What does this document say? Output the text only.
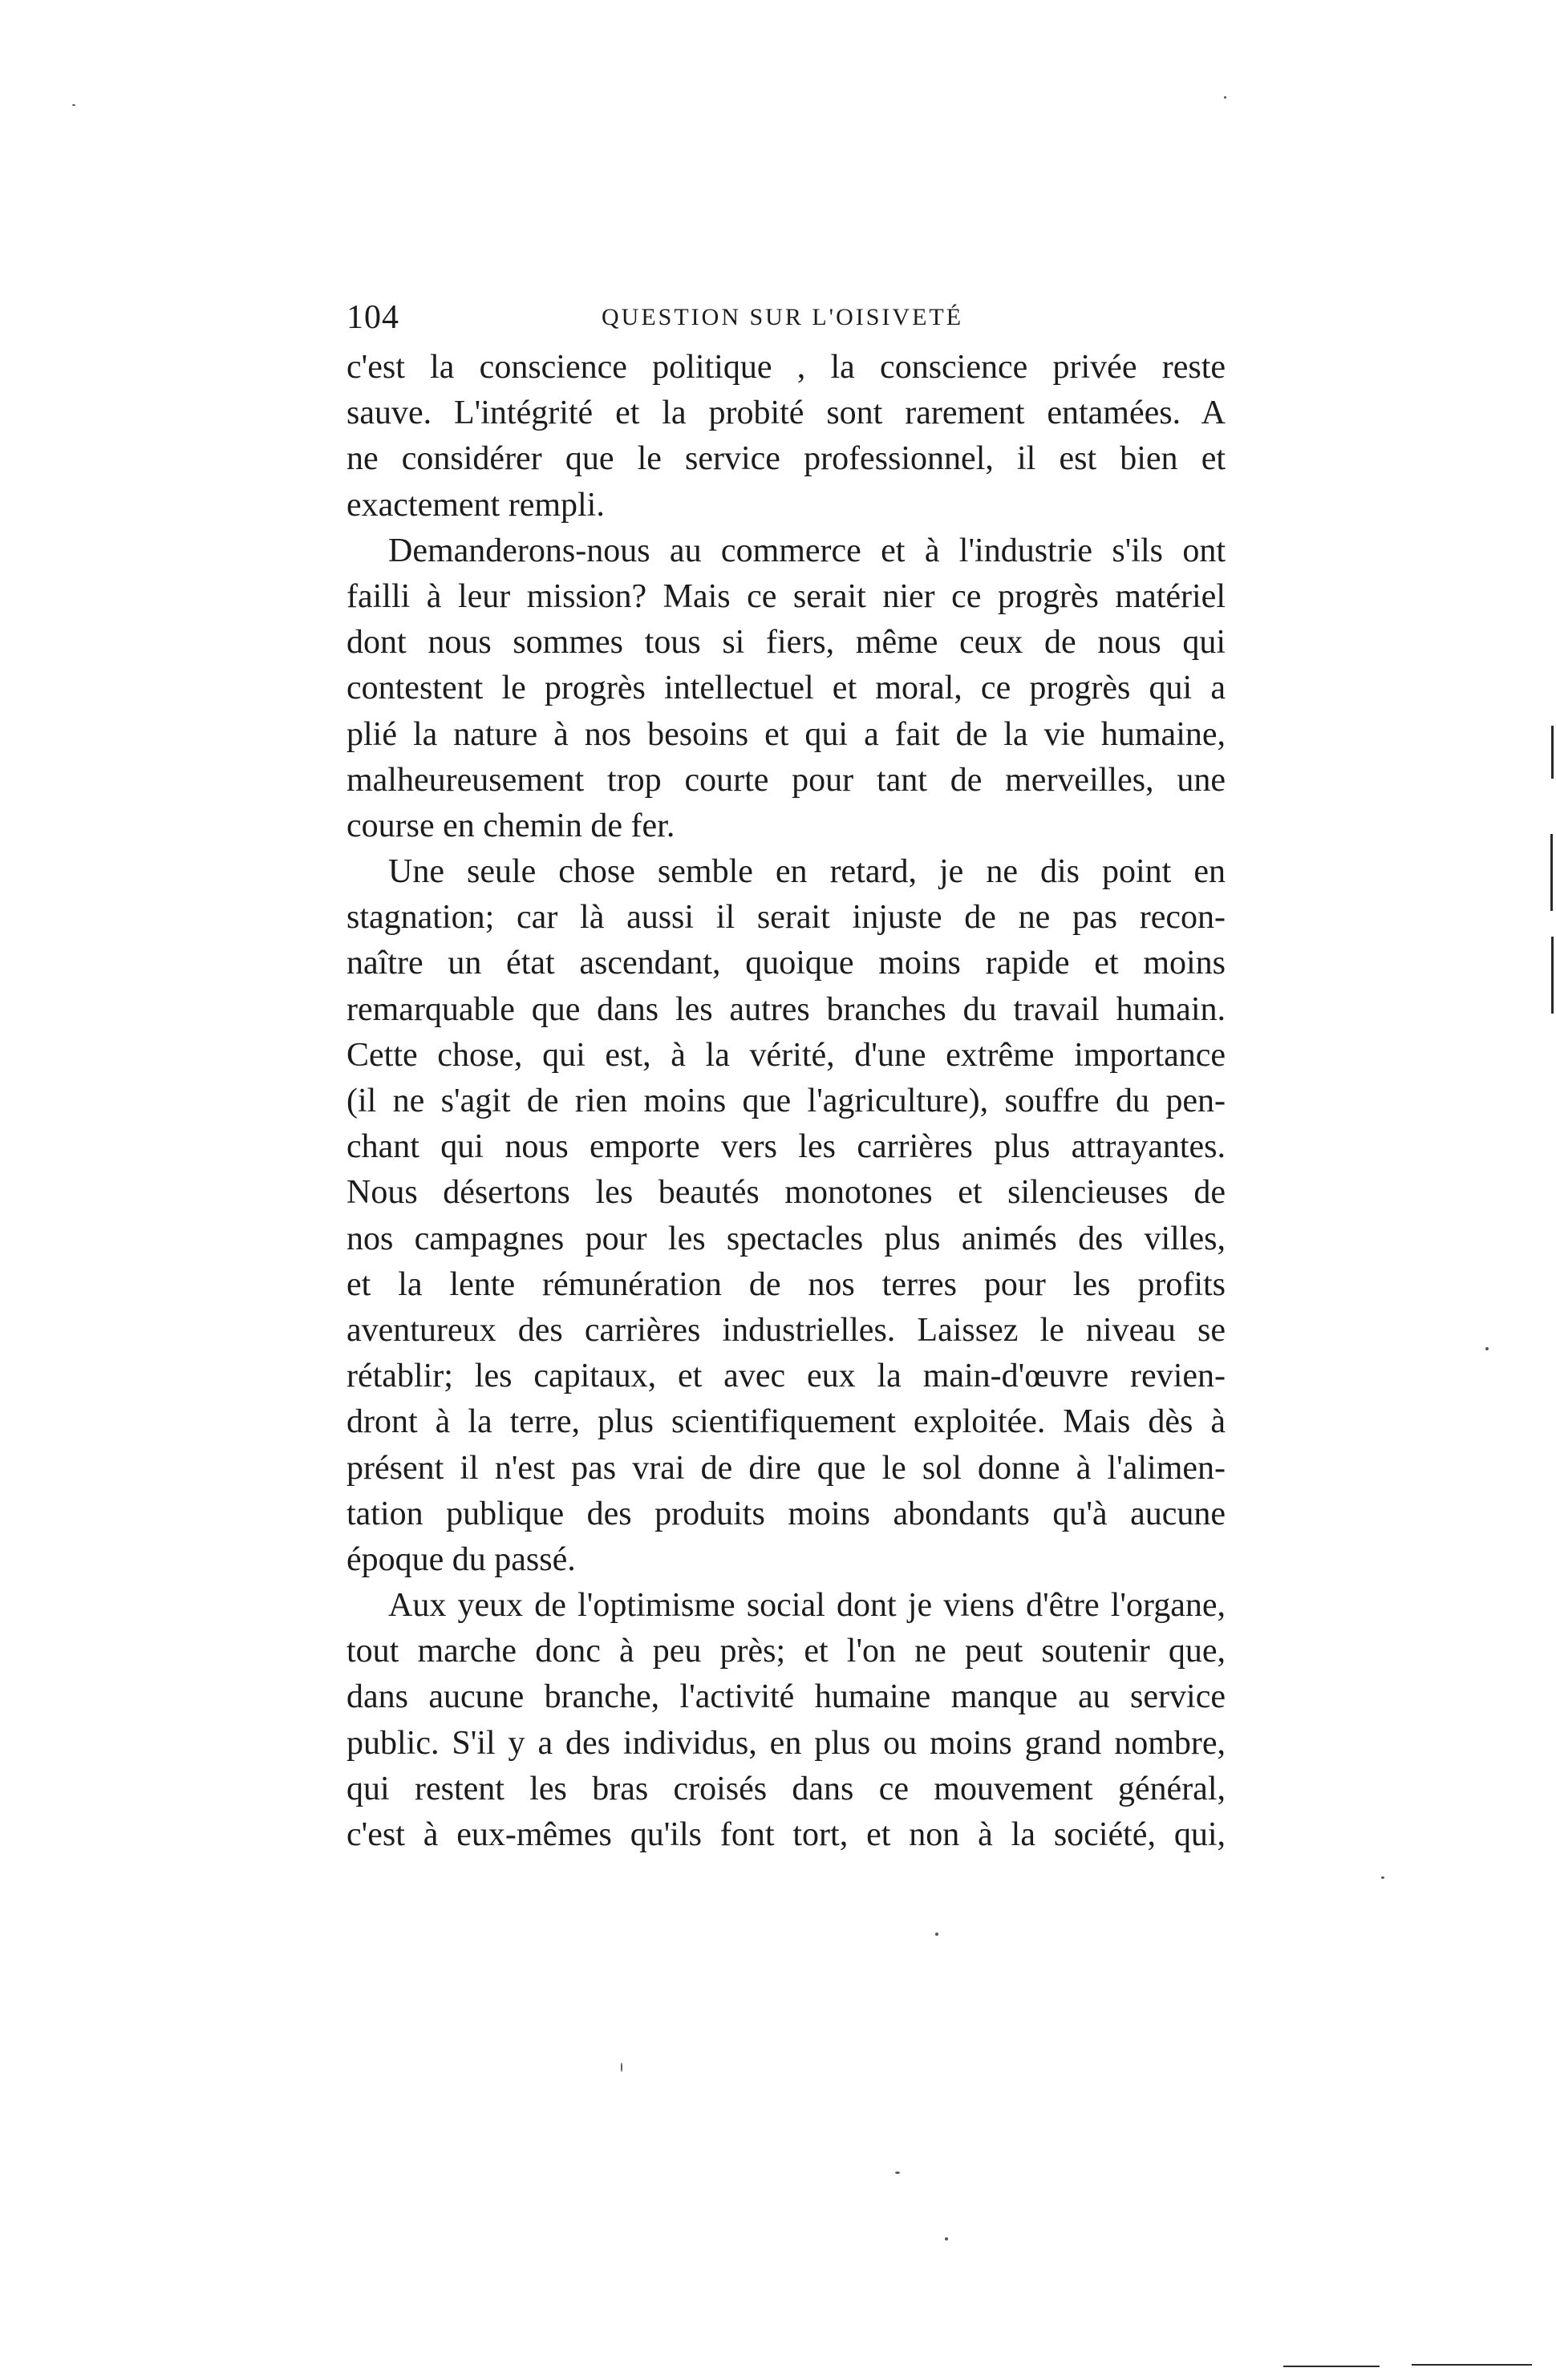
104	QUESTION SUR L'OISIVETÉ
c'est la conscience politique , la conscience privée reste
sauve. L'intégrité et la probité sont rarement entamées. A
ne considérer que le service professionnel, il est bien et
exactement rempli.
Demanderons-nous au commerce et à l'industrie s'ils ont
failli à leur mission? Mais ce serait nier ce progrès matériel
dont nous sommes tous si fiers, même ceux de nous qui
contestent le progrès intellectuel et moral, ce progrès qui a
plié la nature à nos besoins et qui a fait de la vie humaine,
malheureusement trop courte pour tant de merveilles, une
course en chemin de fer.
Une seule chose semble en retard, je ne dis point en
stagnation; car là aussi il serait injuste de ne pas recon-
naître un état ascendant, quoique moins rapide et moins
remarquable que dans les autres branches du travail humain.
Cette chose, qui est, à la vérité, d'une extrême importance
(il ne s'agit de rien moins que l'agriculture), souffre du pen-
chant qui nous emporte vers les carrières plus attrayantes.
Nous désertons les beautés monotones et silencieuses de
nos campagnes pour les spectacles plus animés des villes,
et la lente rémunération de nos terres pour les profits
aventureux des carrières industrielles. Laissez le niveau se
rétablir; les capitaux, et avec eux la main-d'œuvre revien-
dront à la terre, plus scientifiquement exploitée. Mais dès à
présent il n'est pas vrai de dire que le sol donne à l'alimen-
tation publique des produits moins abondants qu'à aucune
époque du passé.
Aux yeux de l'optimisme social dont je viens d'être l'organe,
tout marche donc à peu près; et l'on ne peut soutenir que,
dans aucune branche, l'activité humaine manque au service
public. S'il y a des individus, en plus ou moins grand nombre,
qui restent les bras croisés dans ce mouvement général,
c'est à eux-mêmes qu'ils font tort, et non à la société, qui,
